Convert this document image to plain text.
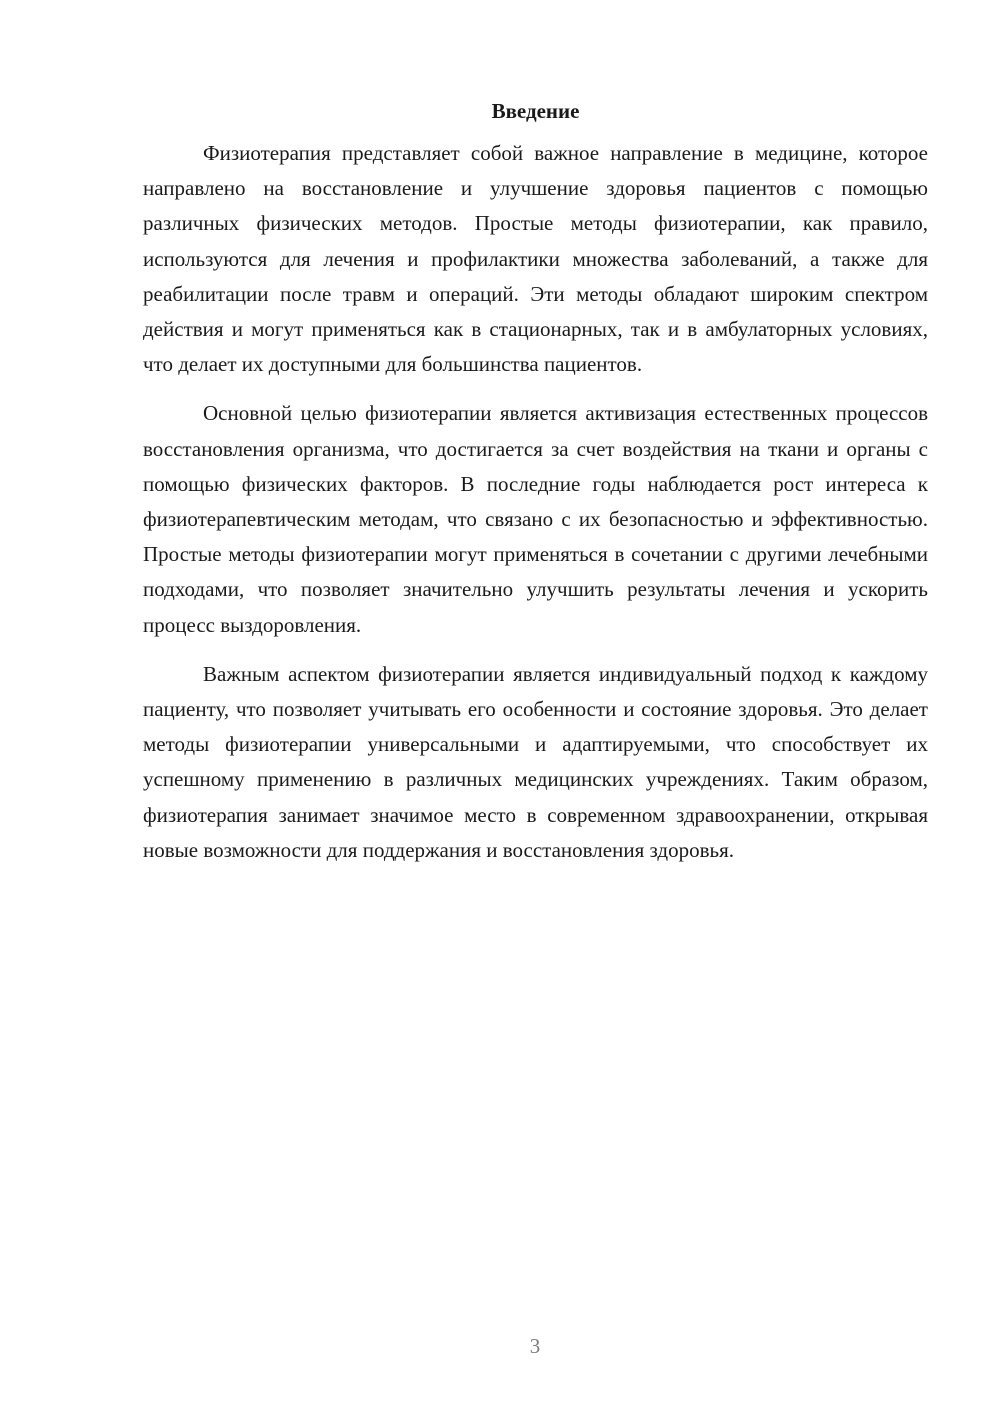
Введение

Физиотерапия представляет собой важное направление в медицине, которое направлено на восстановление и улучшение здоровья пациентов с помощью различных физических методов. Простые методы физиотерапии, как правило, используются для лечения и профилактики множества заболеваний, а также для реабилитации после травм и операций. Эти методы обладают широким спектром действия и могут применяться как в стационарных, так и в амбулаторных условиях, что делает их доступными для большинства пациентов.

Основной целью физиотерапии является активизация естественных процессов восстановления организма, что достигается за счет воздействия на ткани и органы с помощью физических факторов. В последние годы наблюдается рост интереса к физиотерапевтическим методам, что связано с их безопасностью и эффективностью. Простые методы физиотерапии могут применяться в сочетании с другими лечебными подходами, что позволяет значительно улучшить результаты лечения и ускорить процесс выздоровления.

Важным аспектом физиотерапии является индивидуальный подход к каждому пациенту, что позволяет учитывать его особенности и состояние здоровья. Это делает методы физиотерапии универсальными и адаптируемыми, что способствует их успешному применению в различных медицинских учреждениях. Таким образом, физиотерапия занимает значимое место в современном здравоохранении, открывая новые возможности для поддержания и восстановления здоровья.

3
